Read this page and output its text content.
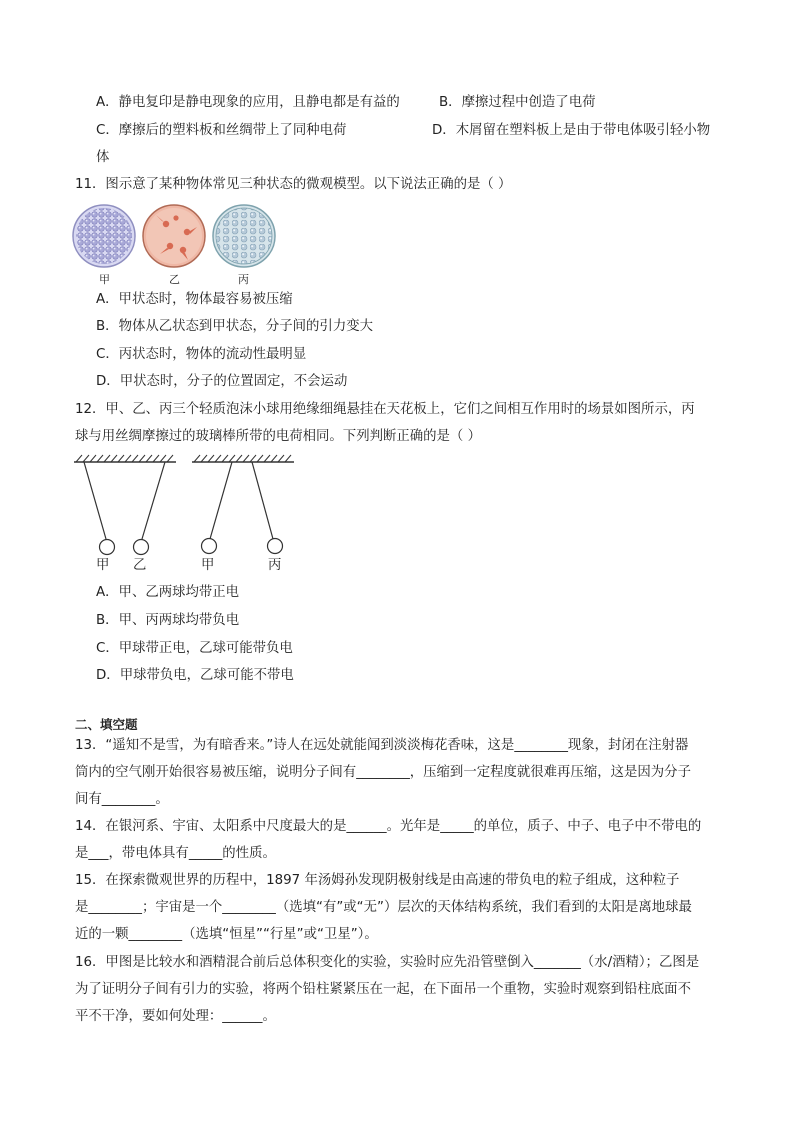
A．静电复印是静电现象的应用，且静电都是有益的	B．摩擦过程中创造了电荷
C．摩擦后的塑料板和丝绸带上了同种电荷	D．木屑留在塑料板上是由于带电体吸引轻小物
体
11．图示意了某种物体常见三种状态的微观模型。以下说法正确的是（ ）
甲	乙	丙
A．甲状态时，物体最容易被压缩
B．物体从乙状态到甲状态，分子间的引力变大
C．丙状态时，物体的流动性最明显
D．甲状态时，分子的位置固定，不会运动
12．甲、乙、丙三个轻质泡沫小球用绝缘细绳悬挂在天花板上，它们之间相互作用时的场景如图所示，丙
球与用丝绸摩擦过的玻璃棒所带的电荷相同。下列判断正确的是（ ）
甲 乙	甲	丙
A．甲、乙两球均带正电
B．甲、丙两球均带负电
C．甲球带正电，乙球可能带负电
D．甲球带负电，乙球可能不带电
二、填空题
13．“遥知不是雪，为有暗香来。”诗人在远处就能闻到淡淡梅花香味，这是________现象，封闭在注射器
筒内的空气刚开始很容易被压缩，说明分子间有________，压缩到一定程度就很难再压缩，这是因为分子
间有________。
14．在银河系、宇宙、太阳系中尺度最大的是______。光年是_____的单位，质子、中子、电子中不带电的
是___，带电体具有_____的性质。
15．在探索微观世界的历程中，1897 年汤姆孙发现阴极射线是由高速的带负电的粒子组成，这种粒子
是________；宇宙是一个________（选填“有”或“无”）层次的天体结构系统，我们看到的太阳是离地球最
近的一颗________（选填“恒星”“行星”或“卫星”）。
16．甲图是比较水和酒精混合前后总体积变化的实验，实验时应先沿管壁倒入_______（水/酒精）；乙图是
为了证明分子间有引力的实验，将两个铅柱紧紧压在一起，在下面吊一个重物，实验时观察到铅柱底面不
平不干净，要如何处理：______。
